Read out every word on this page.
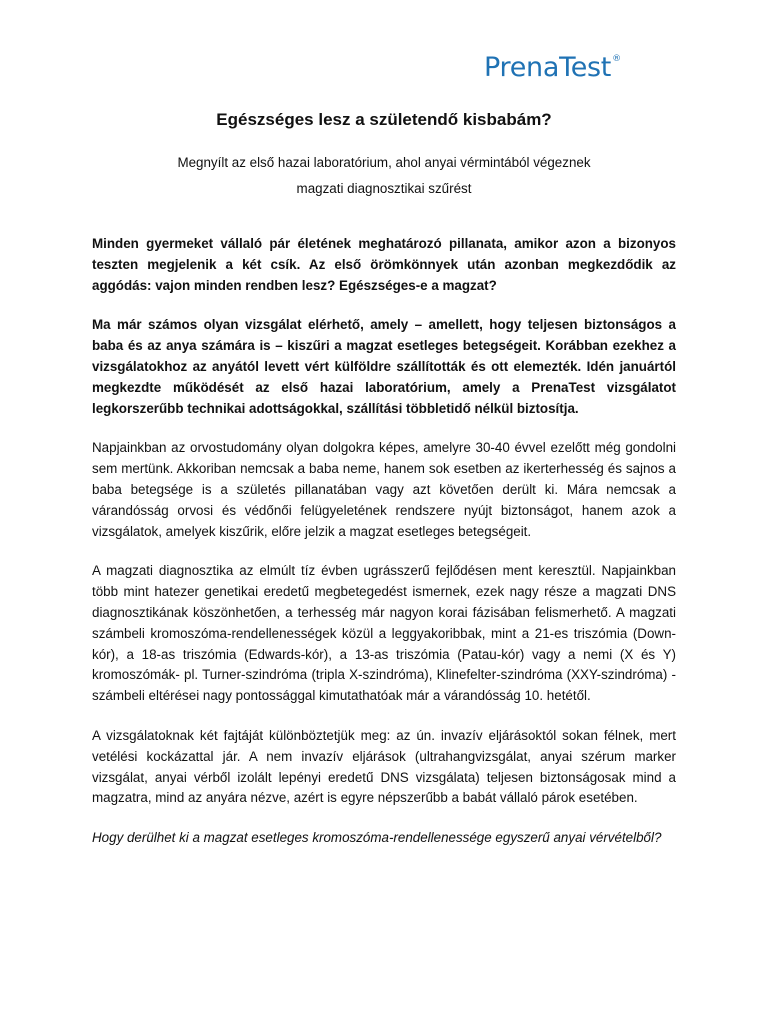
PrenaTest®
Egészséges lesz a születendő kisbabám?
Megnyílt az első hazai laboratórium, ahol anyai vérmintából végeznek
magzati diagnosztikai szűrést

Minden gyermeket vállaló pár életének meghatározó pillanata, amikor azon a bizonyos teszten megjelenik a két csík. Az első örömkönnyek után azonban megkezdődik az aggódás: vajon minden rendben lesz? Egészséges-e a magzat?

Ma már számos olyan vizsgálat elérhető, amely – amellett, hogy teljesen biztonságos a baba és az anya számára is – kiszűri a magzat esetleges betegségeit. Korábban ezekhez a vizsgálatokhoz az anyától levett vért külföldre szállították és ott elemezték. Idén januártól megkezdte működését az első hazai laboratórium, amely a PrenaTest vizsgálatot legkorszerűbb technikai adottságokkal, szállítási többletidő nélkül biztosítja.

Napjainkban az orvostudomány olyan dolgokra képes, amelyre 30-40 évvel ezelőtt még gondolni sem mertünk. Akkoriban nemcsak a baba neme, hanem sok esetben az ikerterhesség és sajnos a baba betegsége is a születés pillanatában vagy azt követően derült ki. Mára nemcsak a várandósság orvosi és védőnői felügyeletének rendszere nyújt biztonságot, hanem azok a vizsgálatok, amelyek kiszűrik, előre jelzik a magzat esetleges betegségeit.

A magzati diagnosztika az elmúlt tíz évben ugrásszerű fejlődésen ment keresztül. Napjainkban több mint hatezer genetikai eredetű megbetegedést ismernek, ezek nagy része a magzati DNS diagnosztikának köszönhetően, a terhesség már nagyon korai fázisában felismerhető. A magzati számbeli kromoszóma-rendellenességek közül a leggyakoribbak, mint a 21-es triszómia (Down-kór), a 18-as triszómia (Edwards-kór), a 13-as triszómia (Patau-kór) vagy a nemi (X és Y) kromoszómák- pl. Turner-szindróma (tripla X-szindróma), Klinefelter-szindróma (XXY-szindróma) - számbeli eltérései nagy pontossággal kimutathatóak már a várandósság 10. hetétől.

A vizsgálatoknak két fajtáját különböztetjük meg: az ún. invazív eljárásoktól sokan félnek, mert vetélési kockázattal jár. A nem invazív eljárások (ultrahangvizsgálat, anyai szérum marker vizsgálat, anyai vérből izolált lepényi eredetű DNS vizsgálata) teljesen biztonságosak mind a magzatra, mind az anyára nézve, azért is egyre népszerűbb a babát vállaló párok esetében.

Hogy derülhet ki a magzat esetleges kromoszóma-rendellenessége egyszerű anyai vérvételből?
